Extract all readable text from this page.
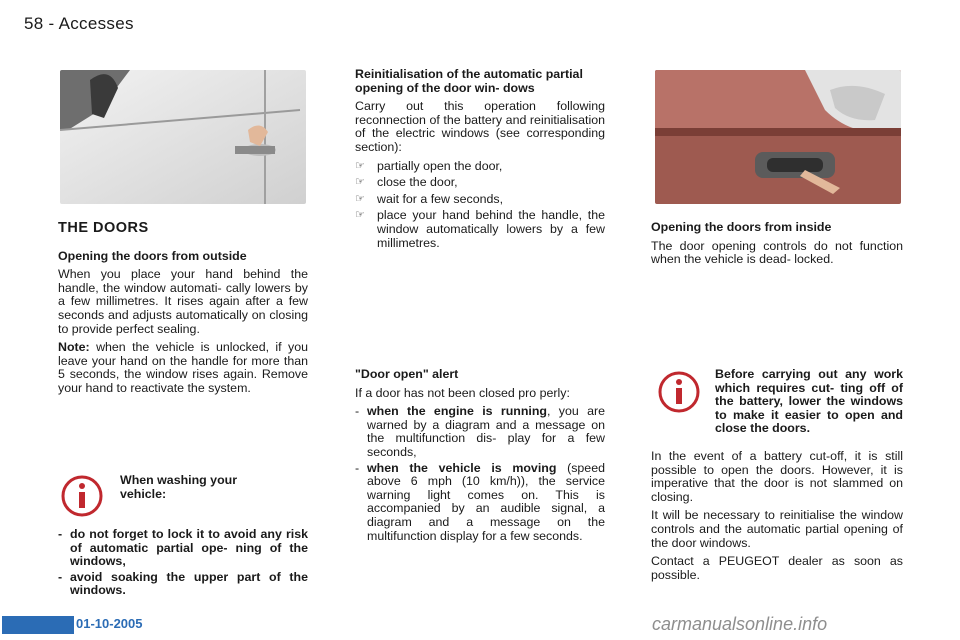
58 - Accesses
THE DOORS
Opening the doors from outside

When you place your hand behind the handle, the window automati- cally lowers by a few millimetres. It rises again after a few seconds and adjusts automatically on closing to provide perfect sealing.

Note: when the vehicle is unlocked, if you leave your hand on the handle for more than 5 seconds, the window rises again. Remove your hand to reactivate the system.

When washing your vehicle:
- do not forget to lock it to avoid any risk of automatic partial ope- ning of the windows,
- avoid soaking the upper part of the windows.
Reinitialisation of the automatic partial opening of the door win- dows

Carry out this operation following reconnection of the battery and reinitialisation of the electric windows (see corresponding section):

☞ partially open the door,
☞ close the door,
☞ wait for a few seconds,
☞ place your hand behind the handle, the window automatically lowers by a few millimetres.
"Door open" alert

If a door has not been closed pro perly:

- when the engine is running, you are warned by a diagram and a message on the multifunction dis- play for a few seconds,
- when the vehicle is moving (speed above 6 mph (10 km/h)), the service warning light comes on. This is accompanied by an audible signal, a diagram and a message on the multifunction display for a few seconds.
Opening the doors from inside

The door opening controls do not function when the vehicle is dead- locked.

Before carrying out any work which requires cut- ting off of the battery, lower the windows to make it easier to open and close the doors.

In the event of a battery cut-off, it is still possible to open the doors. However, it is imperative that the door is not slammed on closing.

It will be necessary to reinitialise the window controls and the automatic partial opening of the door windows.

Contact a PEUGEOT dealer as soon as possible.

01-10-2005	carmanualsonline.info
